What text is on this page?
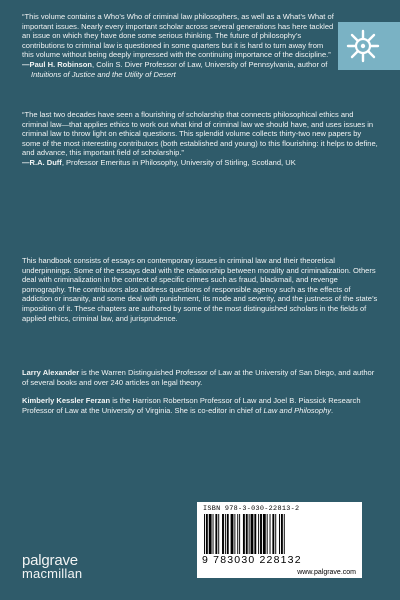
“This volume contains a Who’s Who of criminal law philosophers, as well as a What’s What of important issues. Nearly every important scholar across several generations has here tackled an issue on which they have done some serious thinking. The future of philosophy’s contributions to criminal law is questioned in some quarters but it is hard to turn away from this volume without being deeply impressed with the continuing importance of the discipline.”

—Paul H. Robinson, Colin S. Diver Professor of Law, University of Pennsylvania, author of Intuitions of Justice and the Utility of Desert

“The last two decades have seen a flourishing of scholarship that connects philosophical ethics and criminal law—that applies ethics to work out what kind of criminal law we should have, and uses issues in criminal law to throw light on ethical questions. This splendid volume collects thirty-two new papers by some of the most interesting contributors (both established and young) to this flourishing: it helps to define, and advance, this important field of scholarship.”

—R.A. Duff, Professor Emeritus in Philosophy, University of Stirling, Scotland, UK

This handbook consists of essays on contemporary issues in criminal law and their theoretical underpinnings. Some of the essays deal with the relationship between morality and criminalization. Others deal with criminalization in the context of specific crimes such as fraud, blackmail, and revenge pornography. The contributors also address questions of responsible agency such as the effects of addiction or insanity, and some deal with punishment, its mode and severity, and the justness of the state’s imposition of it. These chapters are authored by some of the most distinguished scholars in the fields of applied ethics, criminal law, and jurisprudence.

Larry Alexander is the Warren Distinguished Professor of Law at the University of San Diego, and author of several books and over 240 articles on legal theory.

Kimberly Kessler Ferzan is the Harrison Robertson Professor of Law and Joel B. Piassick Research Professor of Law at the University of Virginia. She is co-editor in chief of Law and Philosophy.

ISBN 978-3-030-22813-2
9 783030 228132
www.palgrave.com
palgrave
macmillan
